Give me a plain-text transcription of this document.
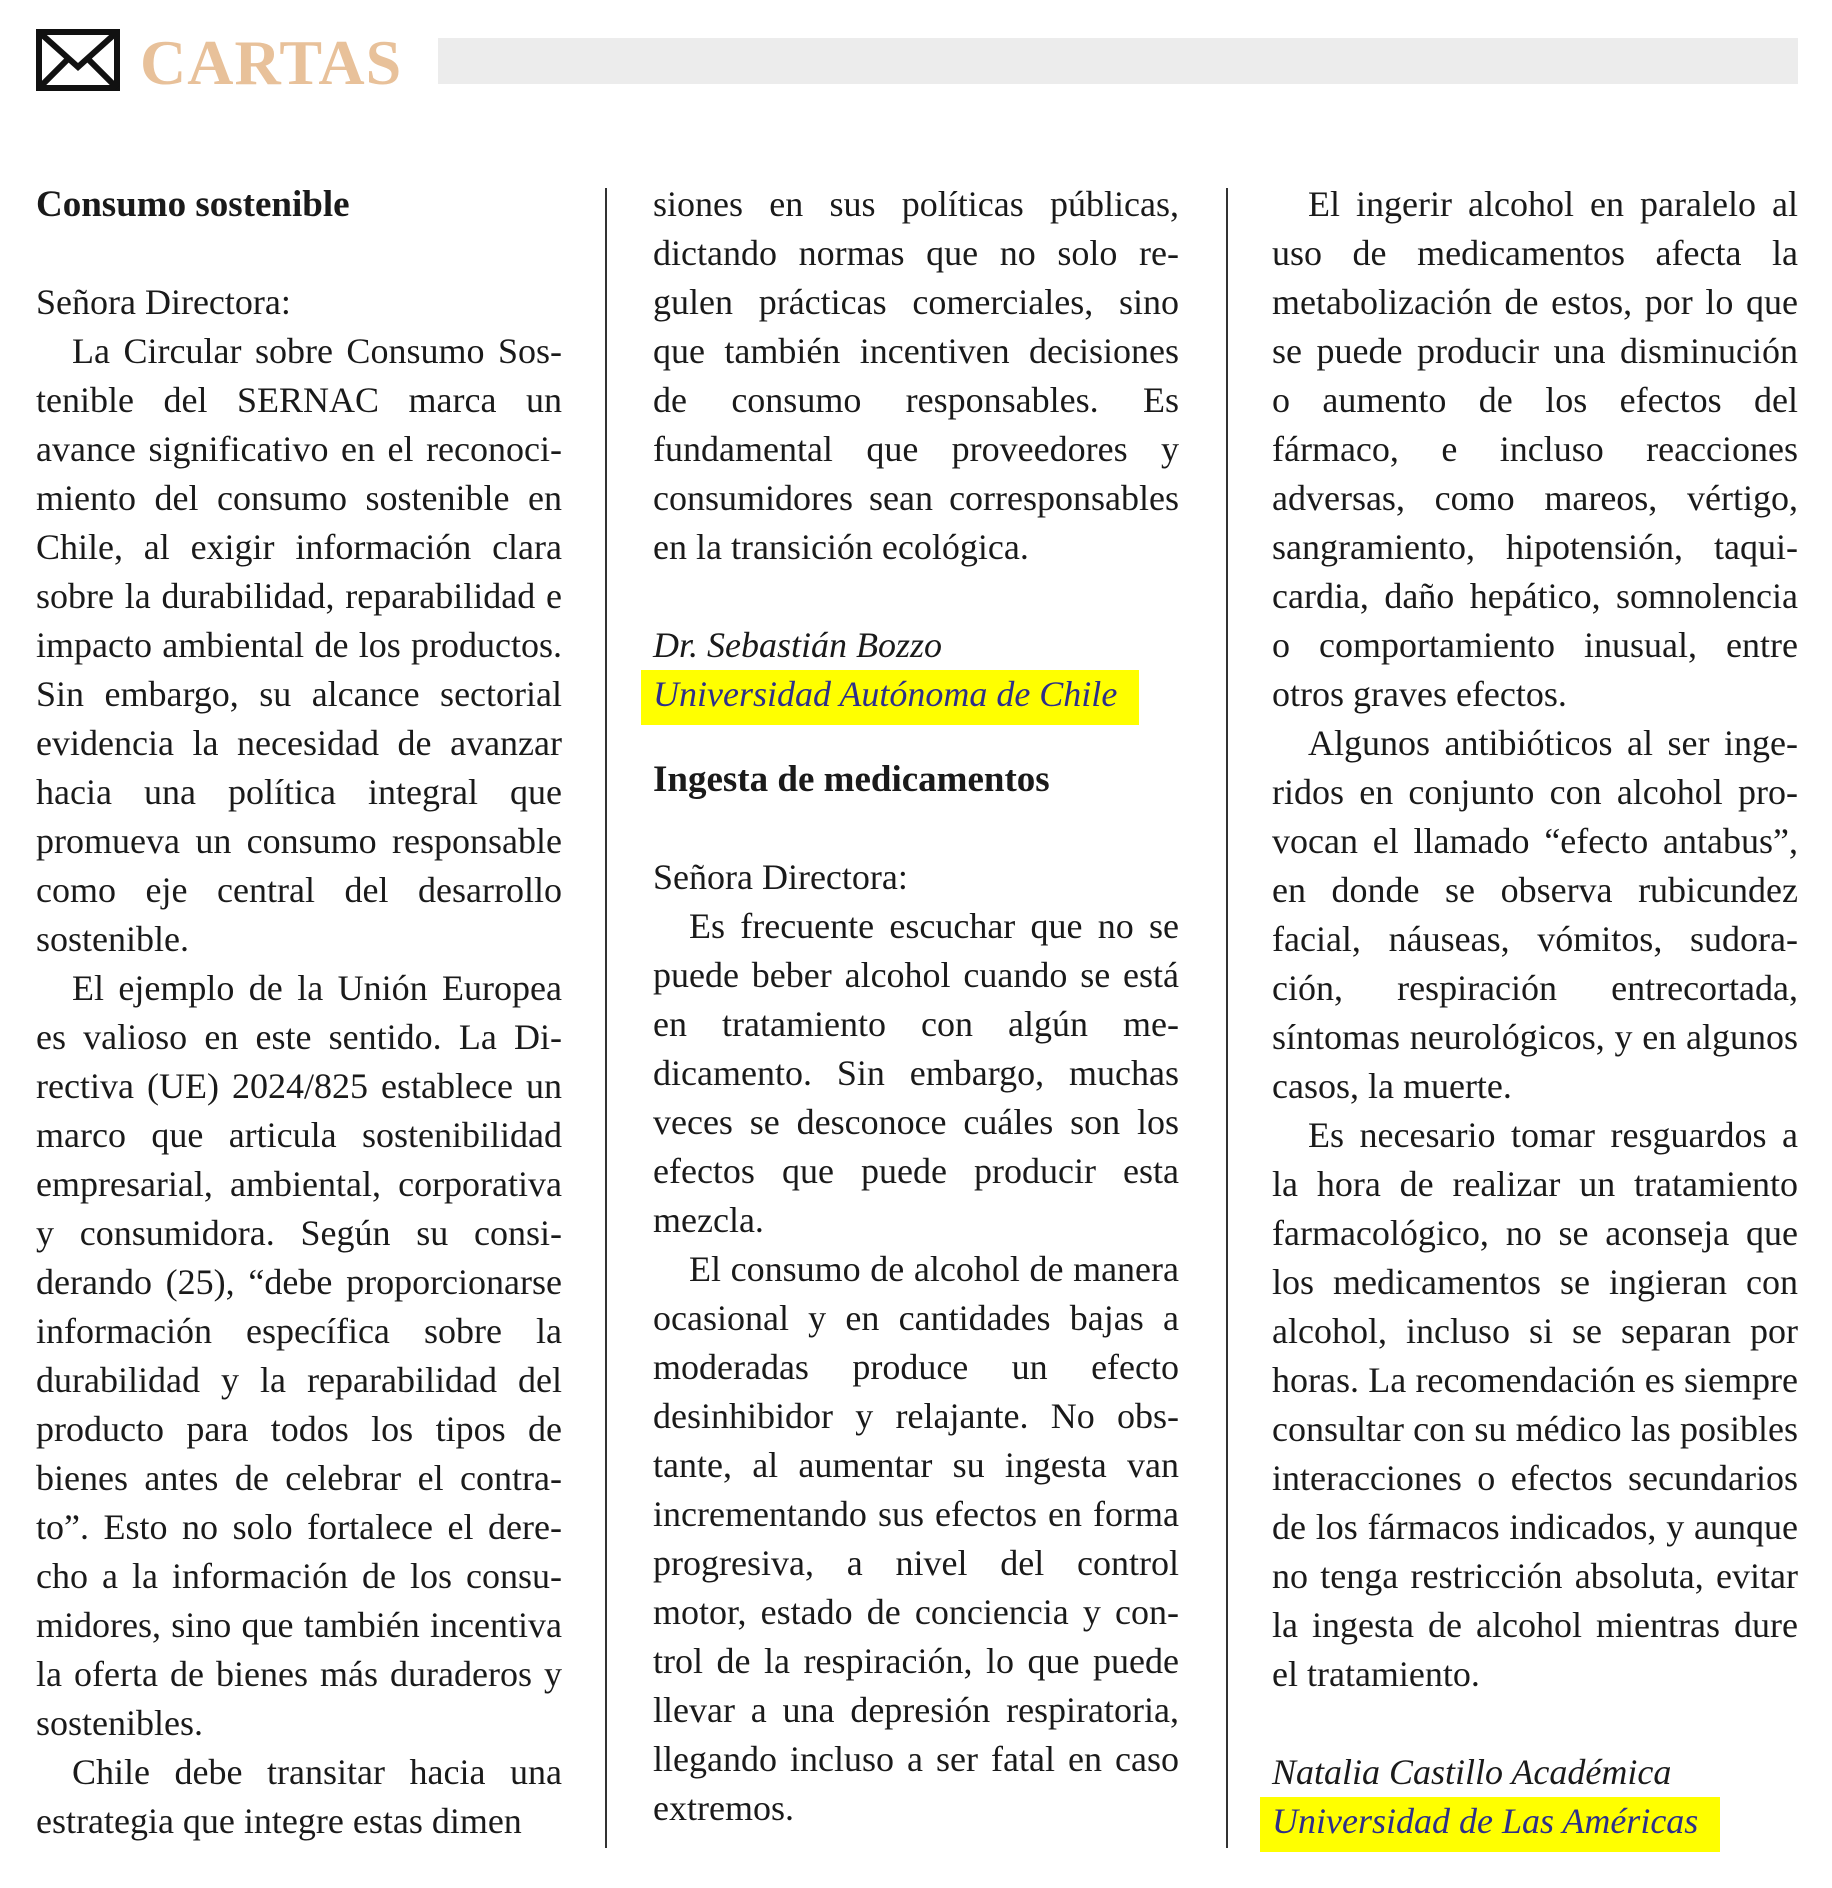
CARTAS
Consumo sostenible
Señora Directora:

La Circular sobre Consumo Sostenible del SERNAC marca un avance significativo en el reconocimiento del consumo sostenible en Chile, al exigir información clara sobre la durabilidad, reparabilidad e impacto ambiental de los productos. Sin embargo, su alcance sectorial evidencia la necesidad de avanzar hacia una política integral que promueva un consumo responsable como eje central del desarrollo sostenible.

El ejemplo de la Unión Europea es valioso en este sentido. La Directiva (UE) 2024/825 establece un marco que articula sostenibilidad empresarial, ambiental, corporativa y consumidora. Según su considerando (25), “debe proporcionarse información específica sobre la durabilidad y la reparabilidad del producto para todos los tipos de bienes antes de celebrar el contrato”. Esto no solo fortalece el derecho a la información de los consumidores, sino que también incentiva la oferta de bienes más duraderos y sostenibles.

Chile debe transitar hacia una estrategia que integre estas dimen

siones en sus políticas públicas, dictando normas que no solo regulen prácticas comerciales, sino que también incentiven decisiones de consumo responsables. Es fundamental que proveedores y consumidores sean corresponsables en la transición ecológica.

Dr. Sebastián Bozzo
Universidad Autónoma de Chile
Ingesta de medicamentos
Señora Directora:

Es frecuente escuchar que no se puede beber alcohol cuando se está en tratamiento con algún medicamento. Sin embargo, muchas veces se desconoce cuáles son los efectos que puede producir esta mezcla.

El consumo de alcohol de manera ocasional y en cantidades bajas a moderadas produce un efecto desinhibidor y relajante. No obstante, al aumentar su ingesta van incrementando sus efectos en forma progresiva, a nivel del control motor, estado de conciencia y control de la respiración, lo que puede llevar a una depresión respiratoria, llegando incluso a ser fatal en caso extremos.

El ingerir alcohol en paralelo al uso de medicamentos afecta la metabolización de estos, por lo que se puede producir una disminución o aumento de los efectos del fármaco, e incluso reacciones adversas, como mareos, vértigo, sangramiento, hipotensión, taquicardia, daño hepático, somnolencia o comportamiento inusual, entre otros graves efectos.

Algunos antibióticos al ser ingeridos en conjunto con alcohol provocan el llamado “efecto antabus”, en donde se observa rubicundez facial, náuseas, vómitos, sudoración, respiración entrecortada, síntomas neurológicos, y en algunos casos, la muerte.

Es necesario tomar resguardos a la hora de realizar un tratamiento farmacológico, no se aconseja que los medicamentos se ingieran con alcohol, incluso si se separan por horas. La recomendación es siempre consultar con su médico las posibles interacciones o efectos secundarios de los fármacos indicados, y aunque no tenga restricción absoluta, evitar la ingesta de alcohol mientras dure el tratamiento.

Natalia Castillo Académica
Universidad de Las Américas
